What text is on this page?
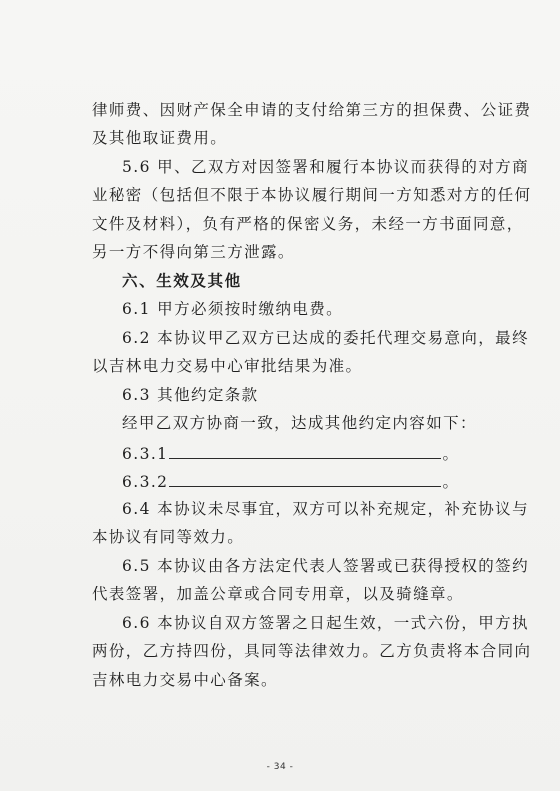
律师费、因财产保全申请的支付给第三方的担保费、公证费
及其他取证费用。
5.6 甲、乙双方对因签署和履行本协议而获得的对方商
业秘密（包括但不限于本协议履行期间一方知悉对方的任何
文件及材料），负有严格的保密义务，未经一方书面同意，
另一方不得向第三方泄露。
六、生效及其他
6.1 甲方必须按时缴纳电费。
6.2 本协议甲乙双方已达成的委托代理交易意向，最终
以吉林电力交易中心审批结果为准。
6.3 其他约定条款
经甲乙双方协商一致，达成其他约定内容如下：
6.3.1	。
6.3.2	。
6.4 本协议未尽事宜，双方可以补充规定，补充协议与
本协议有同等效力。
6.5 本协议由各方法定代表人签署或已获得授权的签约
代表签署，加盖公章或合同专用章，以及骑缝章。
6.6 本协议自双方签署之日起生效，一式六份，甲方执
两份，乙方持四份，具同等法律效力。乙方负责将本合同向
吉林电力交易中心备案。
- 34 -
